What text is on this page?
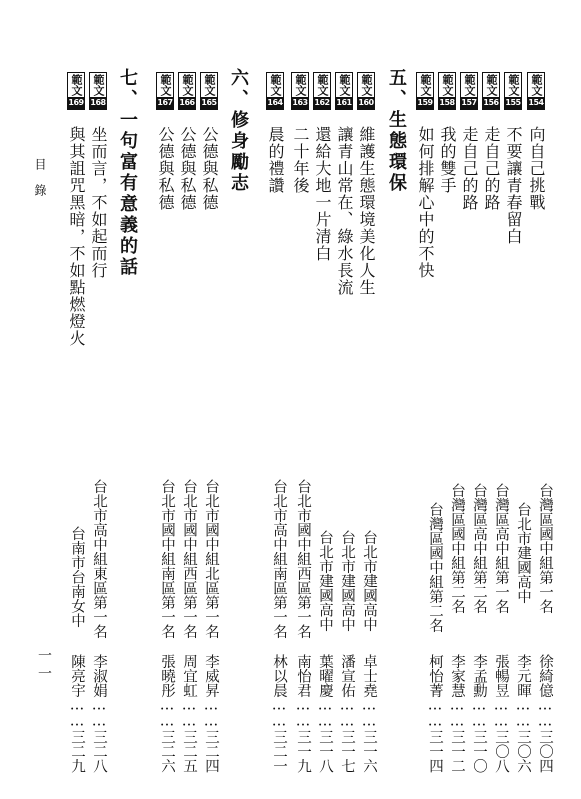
目錄
一一
五、生態環保
六、修身勵志
七、一句富有意義的話	範文
154
向自己挑戰
台灣區國中組第一名
徐綺億……三〇四
範文
155
不要讓青春留白
台北市建國高中
李元暉……三〇六
範文
156
走自己的路
台灣區高中組第一名
張暢昱……三〇八
範文
157
走自己的路
台灣區高中組第二名
李孟勳……三一〇
範文
158
我的雙手
台灣區國中組第二名
李家慧……三一二
範文
159
如何排解心中的不快
台灣區國中組第二名
柯怡菁……三一四
範文
160
維護生態環境美化人生
台北市建國高中
卓士堯……三一六
範文
161
讓青山常在、綠水長流
台北市建國高中
潘宣佑……三一七
範文
162
還給大地一片清白
台北市建國高中
葉曜慶……三一八
範文
163
二十年後
台北市國中組西區第一名
南怡君……三一九
範文
164
晨的禮讚
台北市高中組南區第一名
林以晨……三二一
範文
165
公德與私德
台北市國中組北區第一名
李威昇……三二四
範文
166
公德與私德
台北市國中組西區第一名
周宜虹……三二五
範文
167
公德與私德
台北市國中組南區第一名
張曉彤……三二六
範文
168
坐而言，不如起而行
台北市高中組東區第一名
李淑娟……三二八
範文
169
與其詛咒黑暗，不如點燃燈火
台南市台南女中
陳亮宇……三二九
